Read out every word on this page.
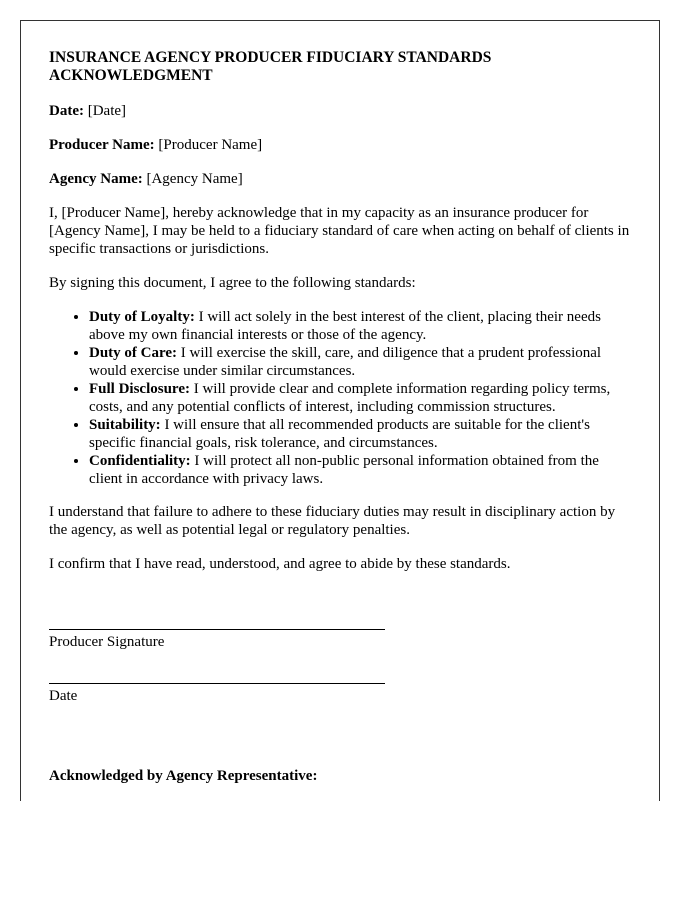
INSURANCE AGENCY PRODUCER FIDUCIARY STANDARDS ACKNOWLEDGMENT
Date: [Date]
Producer Name: [Producer Name]
Agency Name: [Agency Name]

I, [Producer Name], hereby acknowledge that in my capacity as an insurance producer for [Agency Name], I may be held to a fiduciary standard of care when acting on behalf of clients in specific transactions or jurisdictions.

By signing this document, I agree to the following standards:

• Duty of Loyalty: I will act solely in the best interest of the client, placing their needs above my own financial interests or those of the agency.
• Duty of Care: I will exercise the skill, care, and diligence that a prudent professional would exercise under similar circumstances.
• Full Disclosure: I will provide clear and complete information regarding policy terms, costs, and any potential conflicts of interest, including commission structures.
• Suitability: I will ensure that all recommended products are suitable for the client's specific financial goals, risk tolerance, and circumstances.
• Confidentiality: I will protect all non-public personal information obtained from the client in accordance with privacy laws.

I understand that failure to adhere to these fiduciary duties may result in disciplinary action by the agency, as well as potential legal or regulatory penalties.

I confirm that I have read, understood, and agree to abide by these standards.

Producer Signature
Date
Acknowledged by Agency Representative:
